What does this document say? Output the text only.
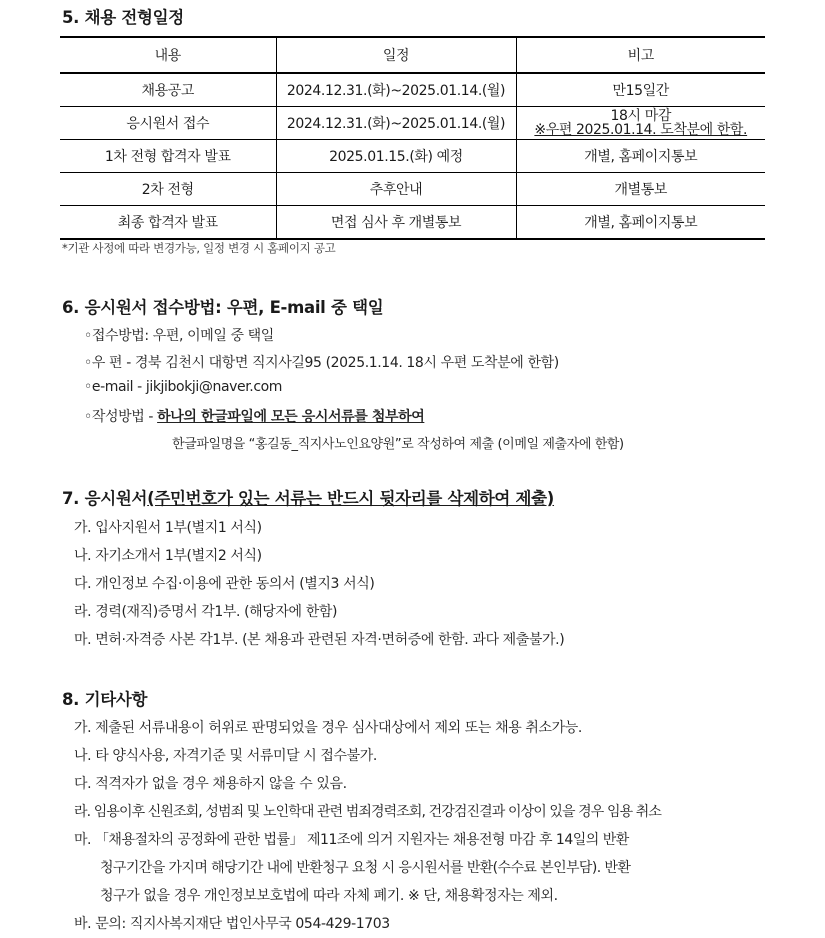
5. 채용 전형일정
내용	일정	비고
채용공고	2024.12.31.(화)~2025.01.14.(월)	만15일간
응시원서 접수	2024.12.31.(화)~2025.01.14.(월)	18시 마감
※우편 2025.01.14. 도착분에 한함.

1차 전형 합격자 발표	2025.01.15.(화) 예정	개별, 홈페이지통보
2차 전형	추후안내	개별통보
최종 합격자 발표	면접 심사 후 개별통보	개별, 홈페이지통보
*기관 사정에 따라 변경가능, 일정 변경 시 홈페이지 공고
6. 응시원서 접수방법: 우편, E-mail 중 택일
◦접수방법: 우편, 이메일 중 택일
◦우 편 - 경북 김천시 대항면 직지사길95 (2025.1.14. 18시 우편 도착분에 한함)
◦e-mail - jikjibokji@naver.com
◦작성방법 - 하나의 한글파일에 모든 응시서류를 첨부하여
한글파일명을 “홍길동_직지사노인요양원”로 작성하여 제출 (이메일 제출자에 한함)
7. 응시원서(주민번호가 있는 서류는 반드시 뒷자리를 삭제하여 제출)
가. 입사지원서 1부(별지1 서식)
나. 자기소개서 1부(별지2 서식)
다. 개인정보 수집·이용에 관한 동의서 (별지3 서식)
라. 경력(재직)증명서 각1부. (해당자에 한함)
마. 면허·자격증 사본 각1부. (본 채용과 관련된 자격·면허증에 한함. 과다 제출불가.)
8. 기타사항
가. 제출된 서류내용이 허위로 판명되었을 경우 심사대상에서 제외 또는 채용 취소가능.
나. 타 양식사용, 자격기준 및 서류미달 시 접수불가.
다. 적격자가 없을 경우 채용하지 않을 수 있음.
라. 임용이후 신원조회, 성범죄 및 노인학대 관련 범죄경력조회, 건강검진결과 이상이 있을 경우 임용 취소
마. 「채용절차의 공정화에 관한 법률」 제11조에 의거 지원자는 채용전형 마감 후 14일의 반환
청구기간을 가지며 해당기간 내에 반환청구 요청 시 응시원서를 반환(수수료 본인부담). 반환
청구가 없을 경우 개인정보보호법에 따라 자체 폐기. ※ 단, 채용확정자는 제외.
바. 문의: 직지사복지재단 법인사무국 054-429-1703
